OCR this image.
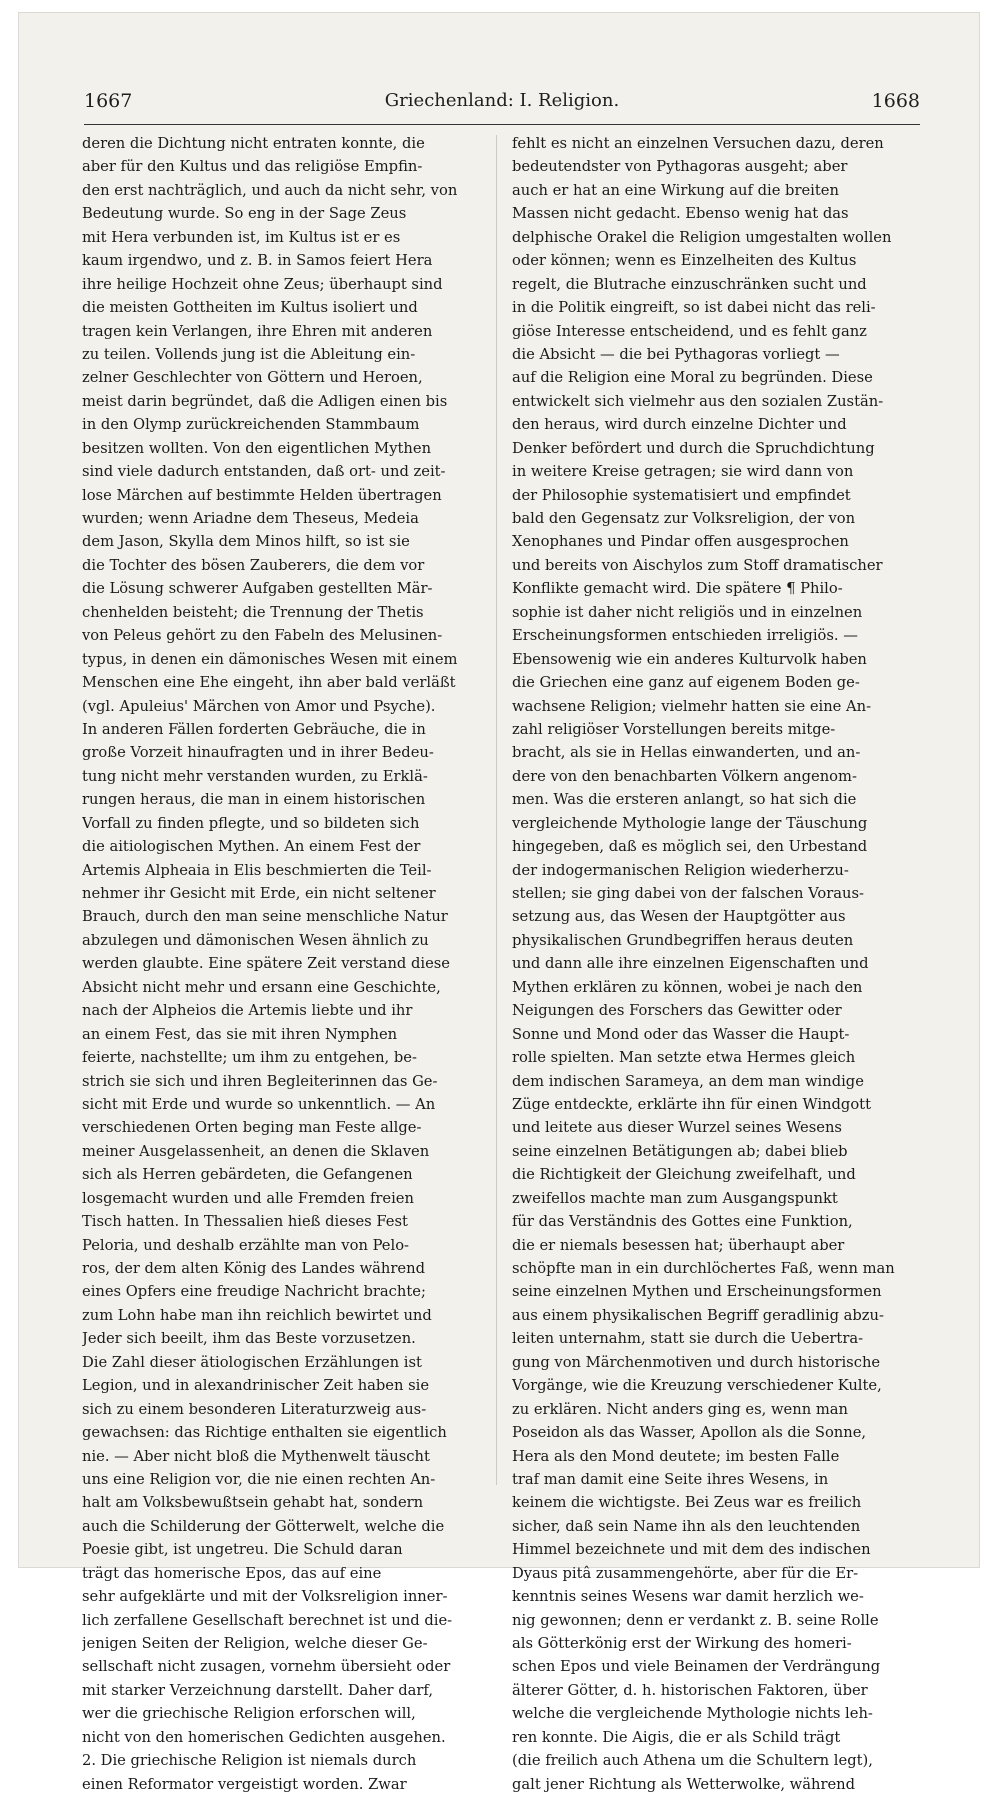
1667	Griechenland: I. Religion.	1668
deren die Dichtung nicht entraten konnte, die
aber für den Kultus und das religiöse Empfin-
den erst nachträglich, und auch da nicht sehr, von
Bedeutung wurde. So eng in der Sage Zeus
mit Hera verbunden ist, im Kultus ist er es
kaum irgendwo, und z. B. in Samos feiert Hera
ihre heilige Hochzeit ohne Zeus; überhaupt sind
die meisten Gottheiten im Kultus isoliert und
tragen kein Verlangen, ihre Ehren mit anderen
zu teilen. Vollends jung ist die Ableitung ein-
zelner Geschlechter von Göttern und Heroen,
meist darin begründet, daß die Adligen einen bis
in den Olymp zurückreichenden Stammbaum
besitzen wollten. Von den eigentlichen Mythen
sind viele dadurch entstanden, daß ort- und zeit-
lose Märchen auf bestimmte Helden übertragen
wurden; wenn Ariadne dem Theseus, Medeia
dem Jason, Skylla dem Minos hilft, so ist sie
die Tochter des bösen Zauberers, die dem vor
die Lösung schwerer Aufgaben gestellten Mär-
chenhelden beisteht; die Trennung der Thetis
von Peleus gehört zu den Fabeln des Melusinen-
typus, in denen ein dämonisches Wesen mit einem
Menschen eine Ehe eingeht, ihn aber bald verläßt
(vgl. Apuleius' Märchen von Amor und Psyche).
In anderen Fällen forderten Gebräuche, die in
große Vorzeit hinaufragten und in ihrer Bedeu-
tung nicht mehr verstanden wurden, zu Erklä-
rungen heraus, die man in einem historischen
Vorfall zu finden pflegte, und so bildeten sich
die aitiologischen Mythen. An einem Fest der
Artemis Alpheaia in Elis beschmierten die Teil-
nehmer ihr Gesicht mit Erde, ein nicht seltener
Brauch, durch den man seine menschliche Natur
abzulegen und dämonischen Wesen ähnlich zu
werden glaubte. Eine spätere Zeit verstand diese
Absicht nicht mehr und ersann eine Geschichte,
nach der Alpheios die Artemis liebte und ihr
an einem Fest, das sie mit ihren Nymphen
feierte, nachstellte; um ihm zu entgehen, be-
strich sie sich und ihren Begleiterinnen das Ge-
sicht mit Erde und wurde so unkenntlich. — An
verschiedenen Orten beging man Feste allge-
meiner Ausgelassenheit, an denen die Sklaven
sich als Herren gebärdeten, die Gefangenen
losgemacht wurden und alle Fremden freien
Tisch hatten. In Thessalien hieß dieses Fest
Peloria, und deshalb erzählte man von Pelo-
ros, der dem alten König des Landes während
eines Opfers eine freudige Nachricht brachte;
zum Lohn habe man ihn reichlich bewirtet und
Jeder sich beeilt, ihm das Beste vorzusetzen.
Die Zahl dieser ätiologischen Erzählungen ist
Legion, und in alexandrinischer Zeit haben sie
sich zu einem besonderen Literaturzweig aus-
gewachsen: das Richtige enthalten sie eigentlich
nie. — Aber nicht bloß die Mythenwelt täuscht
uns eine Religion vor, die nie einen rechten An-
halt am Volksbewußtsein gehabt hat, sondern
auch die Schilderung der Götterwelt, welche die
Poesie gibt, ist ungetreu. Die Schuld daran
trägt das homerische Epos, das auf eine
sehr aufgeklärte und mit der Volksreligion inner-
lich zerfallene Gesellschaft berechnet ist und die-
jenigen Seiten der Religion, welche dieser Ge-
sellschaft nicht zusagen, vornehm übersieht oder
mit starker Verzeichnung darstellt. Daher darf,
wer die griechische Religion erforschen will,
nicht von den homerischen Gedichten ausgehen.
2. Die griechische Religion ist niemals durch
einen Reformator vergeistigt worden. Zwar
fehlt es nicht an einzelnen Versuchen dazu, deren
bedeutendster von Pythagoras ausgeht; aber
auch er hat an eine Wirkung auf die breiten
Massen nicht gedacht. Ebenso wenig hat das
delphische Orakel die Religion umgestalten wollen
oder können; wenn es Einzelheiten des Kultus
regelt, die Blutrache einzuschränken sucht und
in die Politik eingreift, so ist dabei nicht das reli-
giöse Interesse entscheidend, und es fehlt ganz
die Absicht — die bei Pythagoras vorliegt —
auf die Religion eine Moral zu begründen. Diese
entwickelt sich vielmehr aus den sozialen Zustän-
den heraus, wird durch einzelne Dichter und
Denker befördert und durch die Spruchdichtung
in weitere Kreise getragen; sie wird dann von
der Philosophie systematisiert und empfindet
bald den Gegensatz zur Volksreligion, der von
Xenophanes und Pindar offen ausgesprochen
und bereits von Aischylos zum Stoff dramatischer
Konflikte gemacht wird. Die spätere ¶ Philo-
sophie ist daher nicht religiös und in einzelnen
Erscheinungsformen entschieden irreligiös. —
Ebensowenig wie ein anderes Kulturvolk haben
die Griechen eine ganz auf eigenem Boden ge-
wachsene Religion; vielmehr hatten sie eine An-
zahl religiöser Vorstellungen bereits mitge-
bracht, als sie in Hellas einwanderten, und an-
dere von den benachbarten Völkern angenom-
men. Was die ersteren anlangt, so hat sich die
vergleichende Mythologie lange der Täuschung
hingegeben, daß es möglich sei, den Urbestand
der indogermanischen Religion wiederherzu-
stellen; sie ging dabei von der falschen Voraus-
setzung aus, das Wesen der Hauptgötter aus
physikalischen Grundbegriffen heraus deuten
und dann alle ihre einzelnen Eigenschaften und
Mythen erklären zu können, wobei je nach den
Neigungen des Forschers das Gewitter oder
Sonne und Mond oder das Wasser die Haupt-
rolle spielten. Man setzte etwa Hermes gleich
dem indischen Sarameya, an dem man windige
Züge entdeckte, erklärte ihn für einen Windgott
und leitete aus dieser Wurzel seines Wesens
seine einzelnen Betätigungen ab; dabei blieb
die Richtigkeit der Gleichung zweifelhaft, und
zweifellos machte man zum Ausgangspunkt
für das Verständnis des Gottes eine Funktion,
die er niemals besessen hat; überhaupt aber
schöpfte man in ein durchlöchertes Faß, wenn man
seine einzelnen Mythen und Erscheinungsformen
aus einem physikalischen Begriff geradlinig abzu-
leiten unternahm, statt sie durch die Uebertra-
gung von Märchenmotiven und durch historische
Vorgänge, wie die Kreuzung verschiedener Kulte,
zu erklären. Nicht anders ging es, wenn man
Poseidon als das Wasser, Apollon als die Sonne,
Hera als den Mond deutete; im besten Falle
traf man damit eine Seite ihres Wesens, in
keinem die wichtigste. Bei Zeus war es freilich
sicher, daß sein Name ihn als den leuchtenden
Himmel bezeichnete und mit dem des indischen
Dyaus pitâ zusammengehörte, aber für die Er-
kenntnis seines Wesens war damit herzlich we-
nig gewonnen; denn er verdankt z. B. seine Rolle
als Götterkönig erst der Wirkung des homeri-
schen Epos und viele Beinamen der Verdrängung
älterer Götter, d. h. historischen Faktoren, über
welche die vergleichende Mythologie nichts leh-
ren konnte. Die Aigis, die er als Schild trägt
(die freilich auch Athena um die Schultern legt),
galt jener Richtung als Wetterwolke, während
